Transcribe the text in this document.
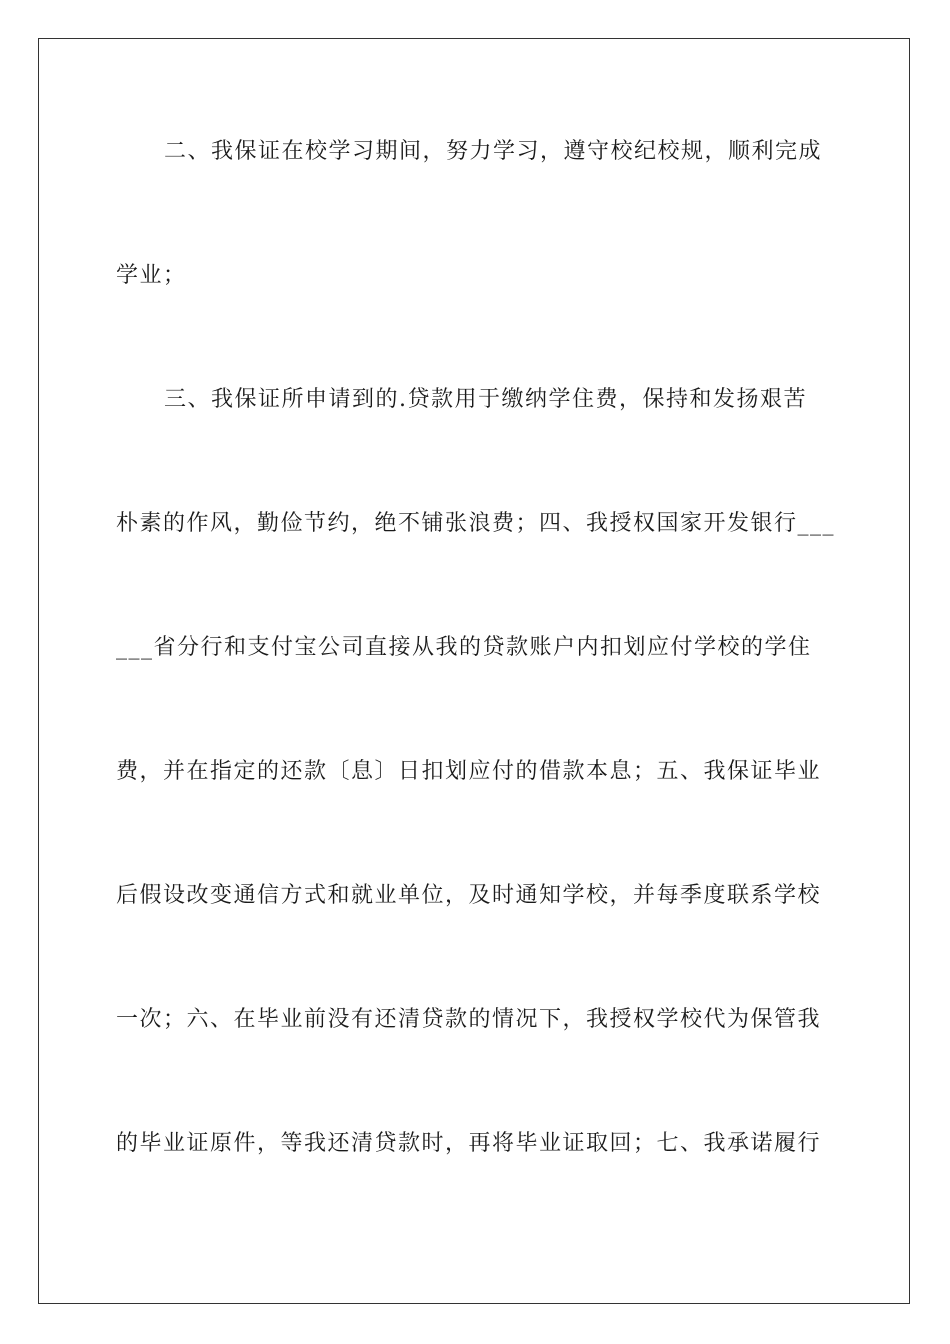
二、我保证在校学习期间，努力学习，遵守校纪校规，顺利完成
学业；
三、我保证所申请到的.贷款用于缴纳学住费，保持和发扬艰苦
朴素的作风，勤俭节约，绝不铺张浪费；四、我授权国家开发银行___
___省分行和支付宝公司直接从我的贷款账户内扣划应付学校的学住
费，并在指定的还款〔息〕日扣划应付的借款本息；五、我保证毕业
后假设改变通信方式和就业单位，及时通知学校，并每季度联系学校
一次；六、在毕业前没有还清贷款的情况下，我授权学校代为保管我
的毕业证原件，等我还清贷款时，再将毕业证取回；七、我承诺履行
